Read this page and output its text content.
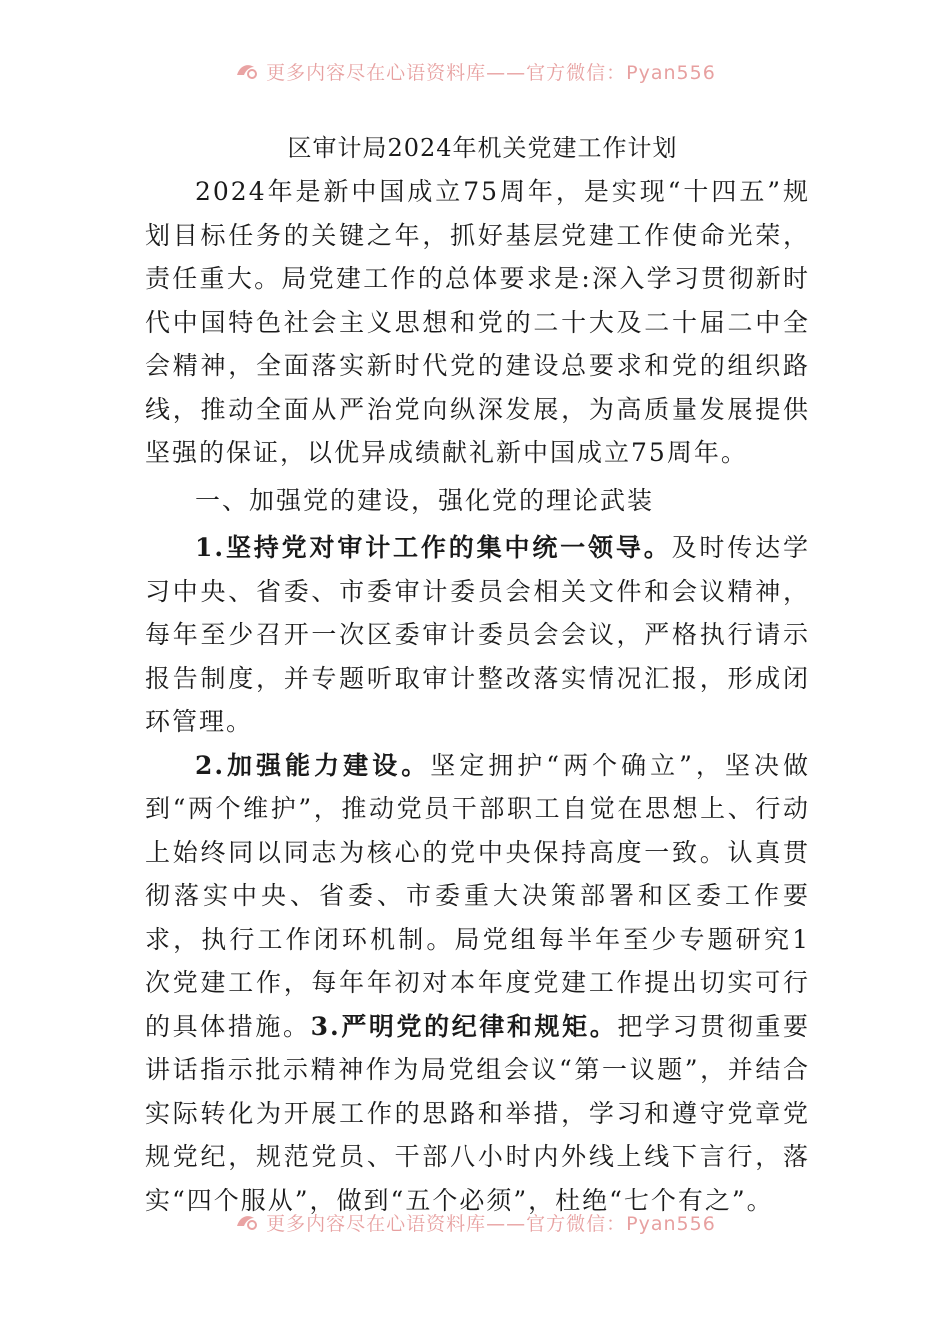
更多内容尽在心语资料库——官方微信：Pyan556
区审计局2024年机关党建工作计划

2024年是新中国成立75周年，是实现“十四五”规划目标任务的关键之年，抓好基层党建工作使命光荣，责任重大。局党建工作的总体要求是:深入学习贯彻新时代中国特色社会主义思想和党的二十大及二十届二中全会精神，全面落实新时代党的建设总要求和党的组织路线，推动全面从严治党向纵深发展，为高质量发展提供坚强的保证，以优异成绩献礼新中国成立75周年。

一、加强党的建设，强化党的理论武装

1.坚持党对审计工作的集中统一领导。及时传达学习中央、省委、市委审计委员会相关文件和会议精神，每年至少召开一次区委审计委员会会议，严格执行请示报告制度，并专题听取审计整改落实情况汇报，形成闭环管理。

2.加强能力建设。坚定拥护“两个确立”，坚决做到“两个维护”，推动党员干部职工自觉在思想上、行动上始终同以同志为核心的党中央保持高度一致。认真贯彻落实中央、省委、市委重大决策部署和区委工作要求，执行工作闭环机制。局党组每半年至少专题研究1次党建工作，每年年初对本年度党建工作提出切实可行的具体措施。3.严明党的纪律和规矩。把学习贯彻重要讲话指示批示精神作为局党组会议“第一议题”，并结合实际转化为开展工作的思路和举措，学习和遵守党章党规党纪，规范党员、干部八小时内外线上线下言行，落实“四个服从”，做到“五个必须”，杜绝“七个有之”。

更多内容尽在心语资料库——官方微信：Pyan556
